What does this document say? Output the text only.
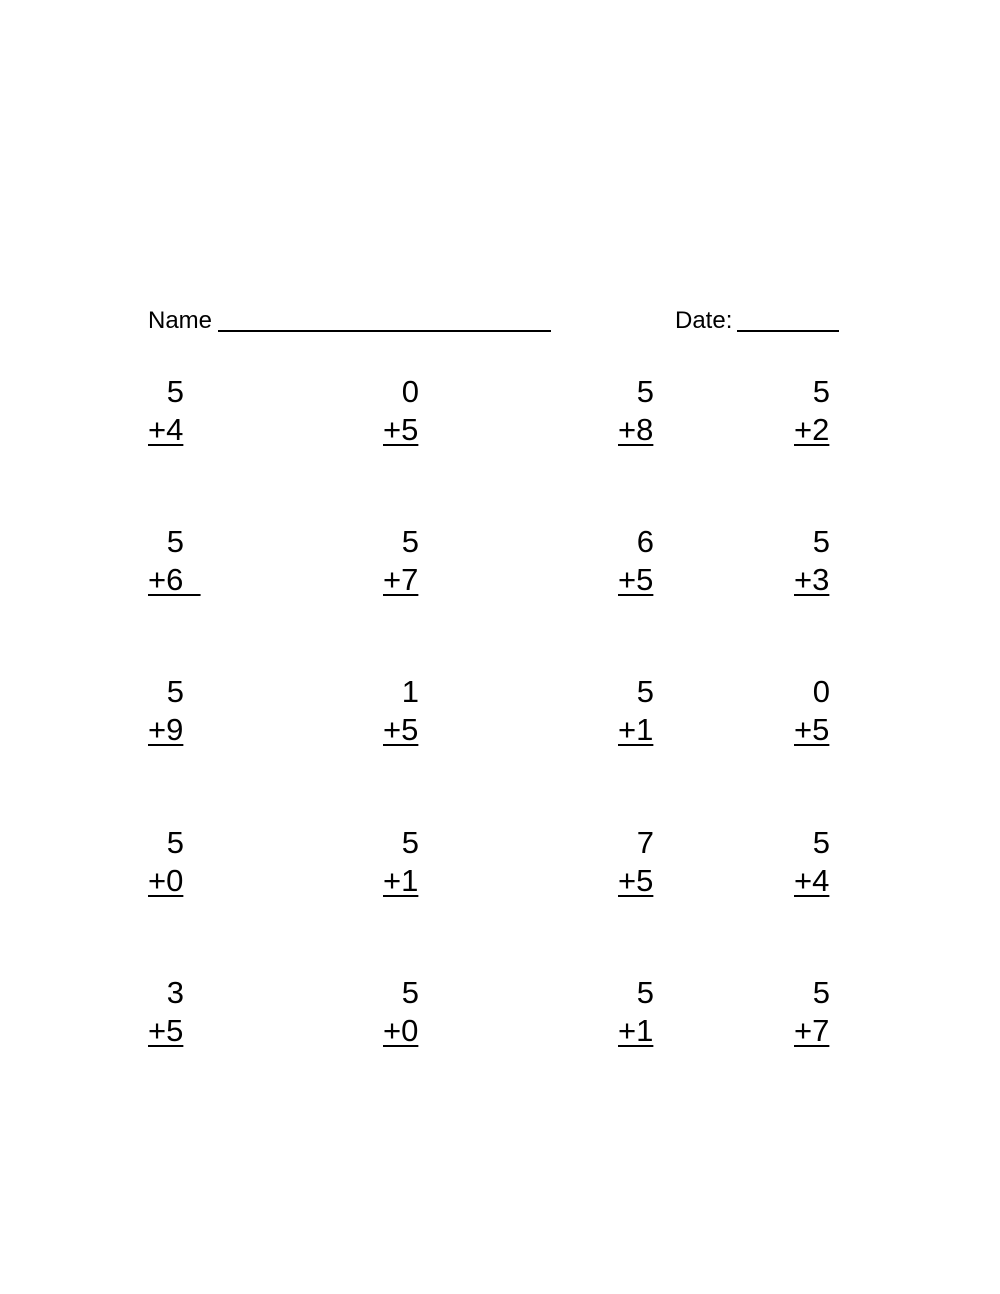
Name	Date:
5
+4
0
+5
5
+8
5
+2
5
+6
5
+7
6
+5
5
+3
5
+9
1
+5
5
+1
0
+5
5
+0
5
+1
7
+5
5
+4
3
+5
5
+0
5
+1
5
+7
